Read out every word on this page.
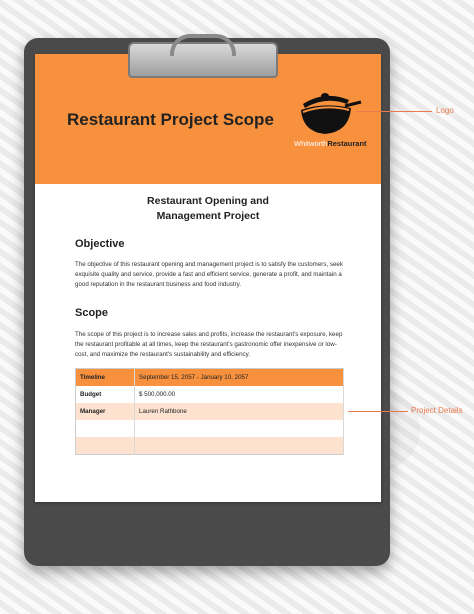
Restaurant Project Scope
WhitworthRestaurant
Restaurant Opening and
Management Project
Objective
The objective of this restaurant opening and management project is to satisfy the customers, seek exquisite quality and service, provide a fast and efficient service, generate a profit, and maintain a good reputation in the restaurant business and food industry.
Scope
The scope of this project is to increase sales and profits, increase the restaurant's exposure, keep the restaurant profitable at all times, keep the restaurant's gastronomic offer inexpensive or low-cost, and maximize the restaurant's sustainability and efficiency.
Timeline	September 15, 2057 - January 10, 2057
Budget	$ 500,000.00
Manager	Lauren Rathbone

Logo
Project Details
